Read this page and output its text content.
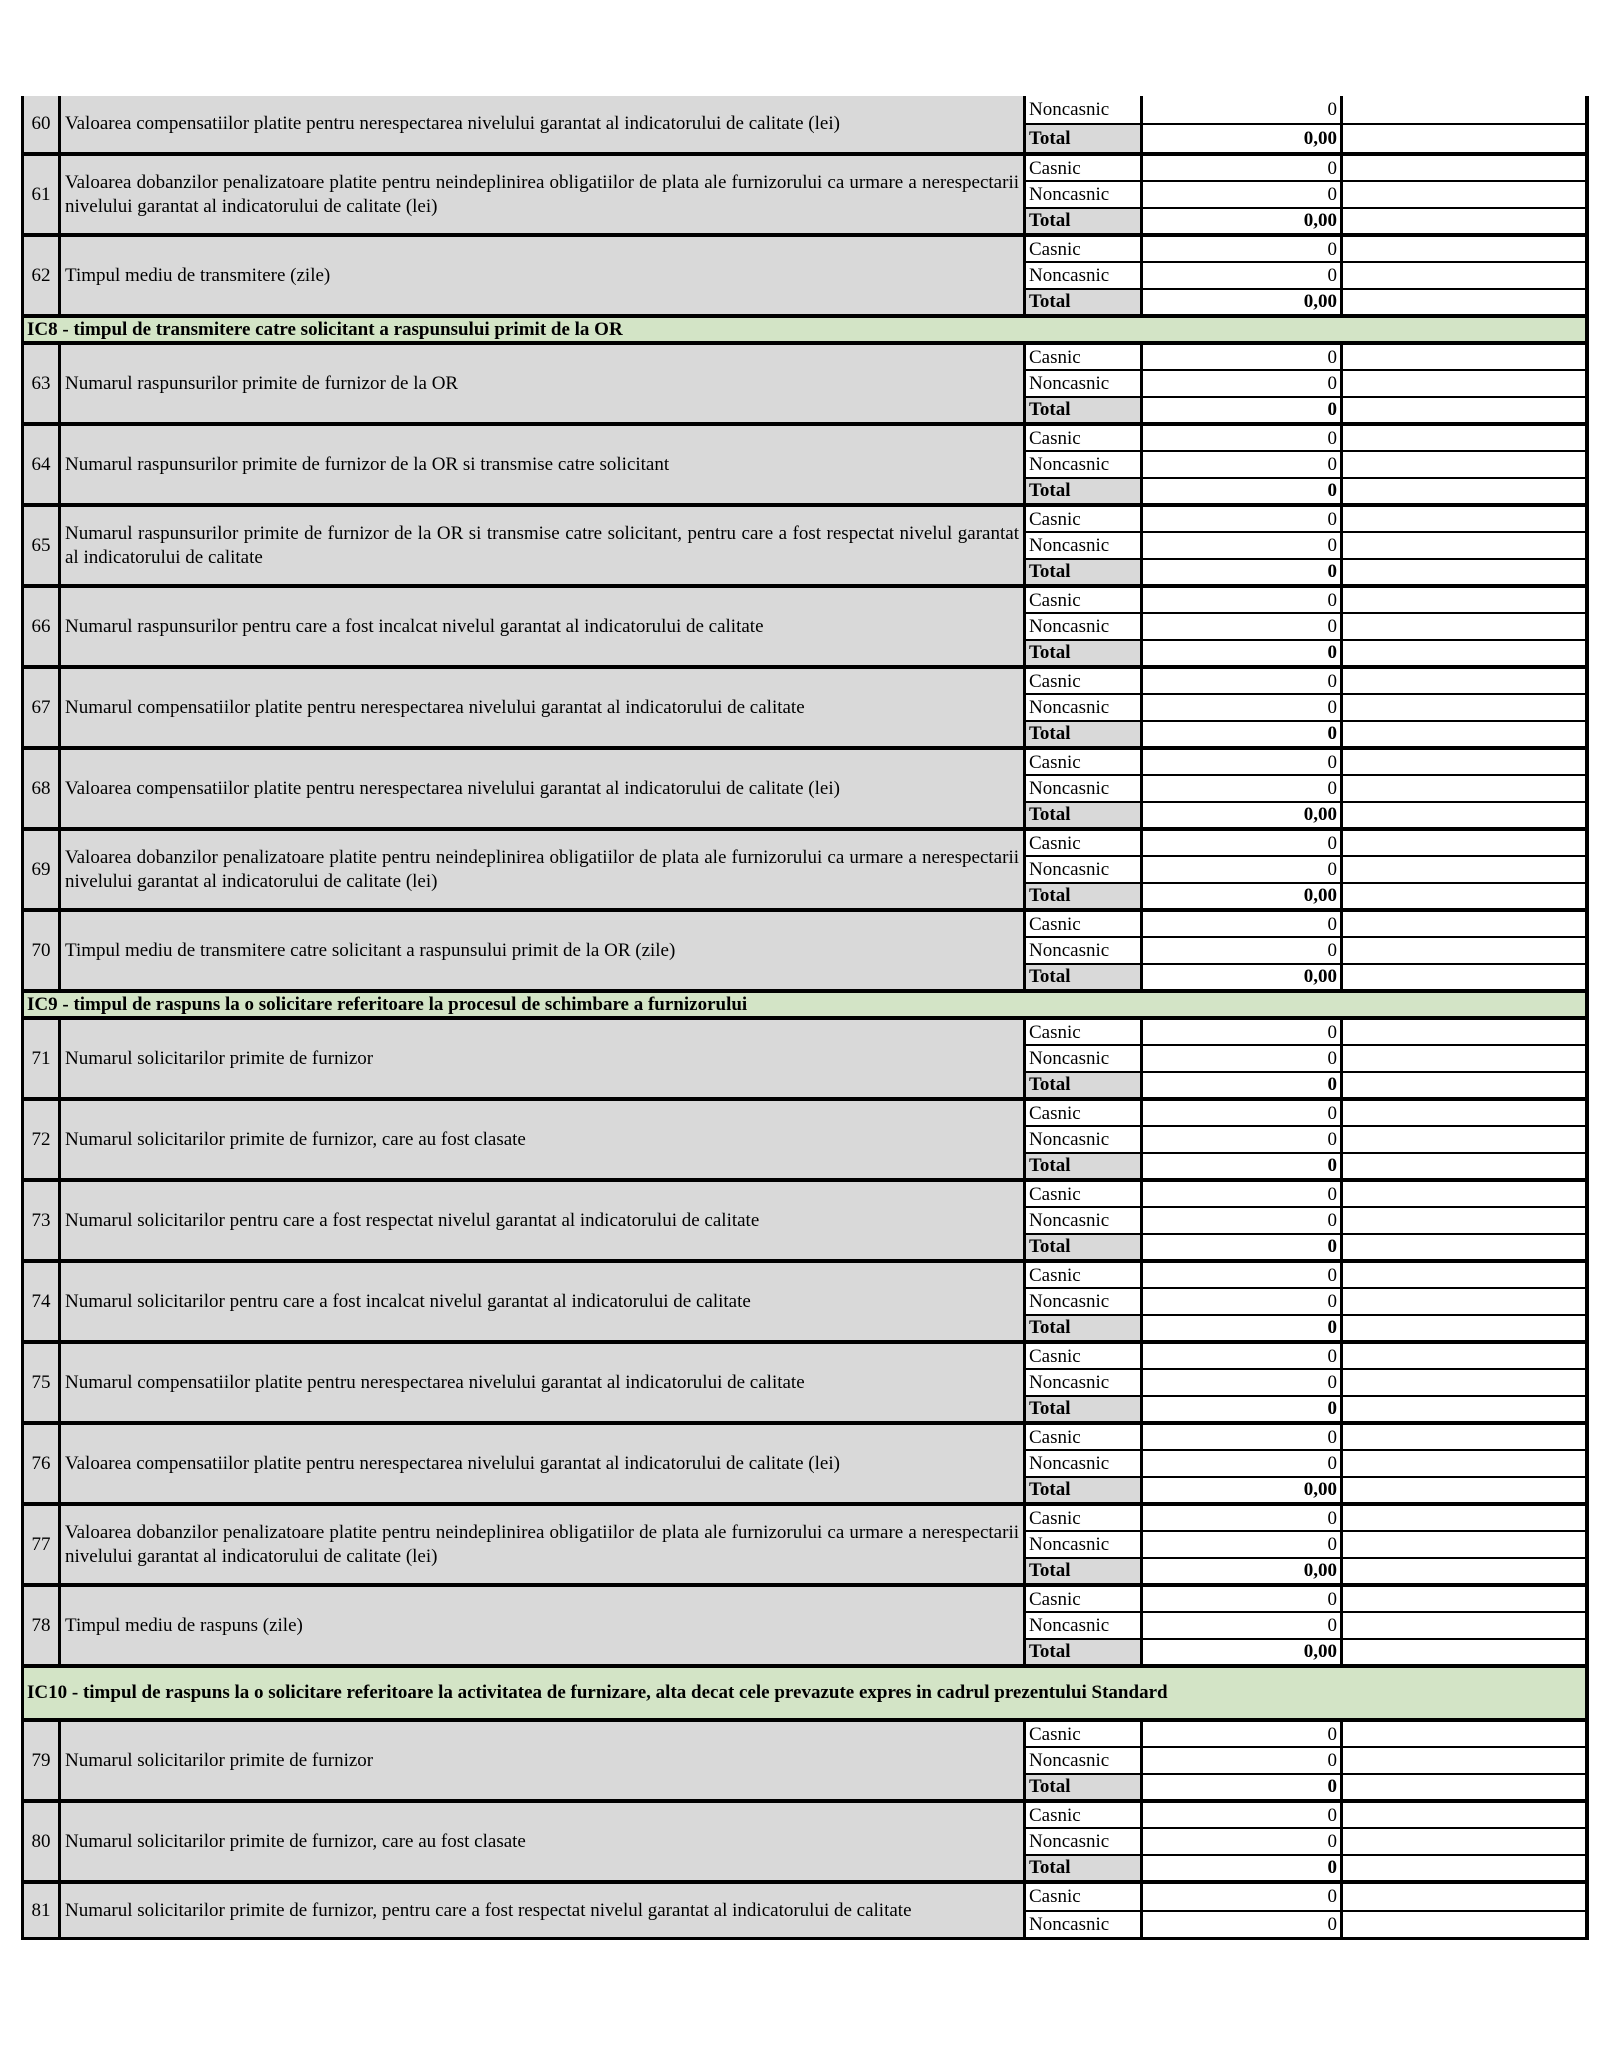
60 Valoarea compensatiilor platite pentru nerespectarea nivelului garantat al indicatorului de calitate (lei)
Noncasnic
Total
0
0,00
61
Valoarea dobanzilor penalizatoare platite pentru neindeplinirea obligatiilor de plata ale furnizorului ca urmare a nerespectarii nivelului garantat al indicatorului de calitate (lei)
Casnic
Noncasnic
Total
0
0
0,00
62 Timpul mediu de transmitere (zile)
Casnic
Noncasnic
Total
0
0
0,00
IC8 - timpul de transmitere catre solicitant a raspunsului primit de la OR
63 Numarul raspunsurilor primite de furnizor de la OR
Casnic
Noncasnic
Total
0
0
0
64 Numarul raspunsurilor primite de furnizor de la OR si transmise catre solicitant
Casnic
Noncasnic
Total
0
0
0
65
Numarul raspunsurilor primite de furnizor de la OR si transmise catre solicitant, pentru care a fost respectat nivelul garantat al indicatorului de calitate
Casnic
Noncasnic
Total
0
0
0
66 Numarul raspunsurilor pentru care a fost incalcat nivelul garantat al indicatorului de calitate
Casnic
Noncasnic
Total
0
0
0
67 Numarul compensatiilor platite pentru nerespectarea nivelului garantat al indicatorului de calitate
Casnic
Noncasnic
Total
0
0
0
68 Valoarea compensatiilor platite pentru nerespectarea nivelului garantat al indicatorului de calitate (lei)
Casnic
Noncasnic
Total
0
0
0,00
69
Valoarea dobanzilor penalizatoare platite pentru neindeplinirea obligatiilor de plata ale furnizorului ca urmare a nerespectarii nivelului garantat al indicatorului de calitate (lei)
Casnic
Noncasnic
Total
0
0
0,00
70 Timpul mediu de transmitere catre solicitant a raspunsului primit de la OR (zile)
Casnic
Noncasnic
Total
0
0
0,00
IC9 - timpul de raspuns la o solicitare referitoare la procesul de schimbare a furnizorului
71 Numarul solicitarilor primite de furnizor
Casnic
Noncasnic
Total
0
0
0
72 Numarul solicitarilor primite de furnizor, care au fost clasate
Casnic
Noncasnic
Total
0
0
0
73 Numarul solicitarilor pentru care a fost respectat nivelul garantat al indicatorului de calitate
Casnic
Noncasnic
Total
0
0
0
74 Numarul solicitarilor pentru care a fost incalcat nivelul garantat al indicatorului de calitate
Casnic
Noncasnic
Total
0
0
0
75 Numarul compensatiilor platite pentru nerespectarea nivelului garantat al indicatorului de calitate
Casnic
Noncasnic
Total
0
0
0
76 Valoarea compensatiilor platite pentru nerespectarea nivelului garantat al indicatorului de calitate (lei)
Casnic
Noncasnic
Total
0
0
0,00
77
Valoarea dobanzilor penalizatoare platite pentru neindeplinirea obligatiilor de plata ale furnizorului ca urmare a nerespectarii nivelului garantat al indicatorului de calitate (lei)
Casnic
Noncasnic
Total
0
0
0,00
78 Timpul mediu de raspuns (zile)
Casnic
Noncasnic
Total
0
0
0,00
IC10 - timpul de raspuns la o solicitare referitoare la activitatea de furnizare, alta decat cele prevazute expres in cadrul prezentului Standard
79 Numarul solicitarilor primite de furnizor
Casnic
Noncasnic
Total
0
0
0
80 Numarul solicitarilor primite de furnizor, care au fost clasate
Casnic
Noncasnic
Total
0
0
0
81 Numarul solicitarilor primite de furnizor, pentru care a fost respectat nivelul garantat al indicatorului de calitate
Casnic
Noncasnic
0
0
